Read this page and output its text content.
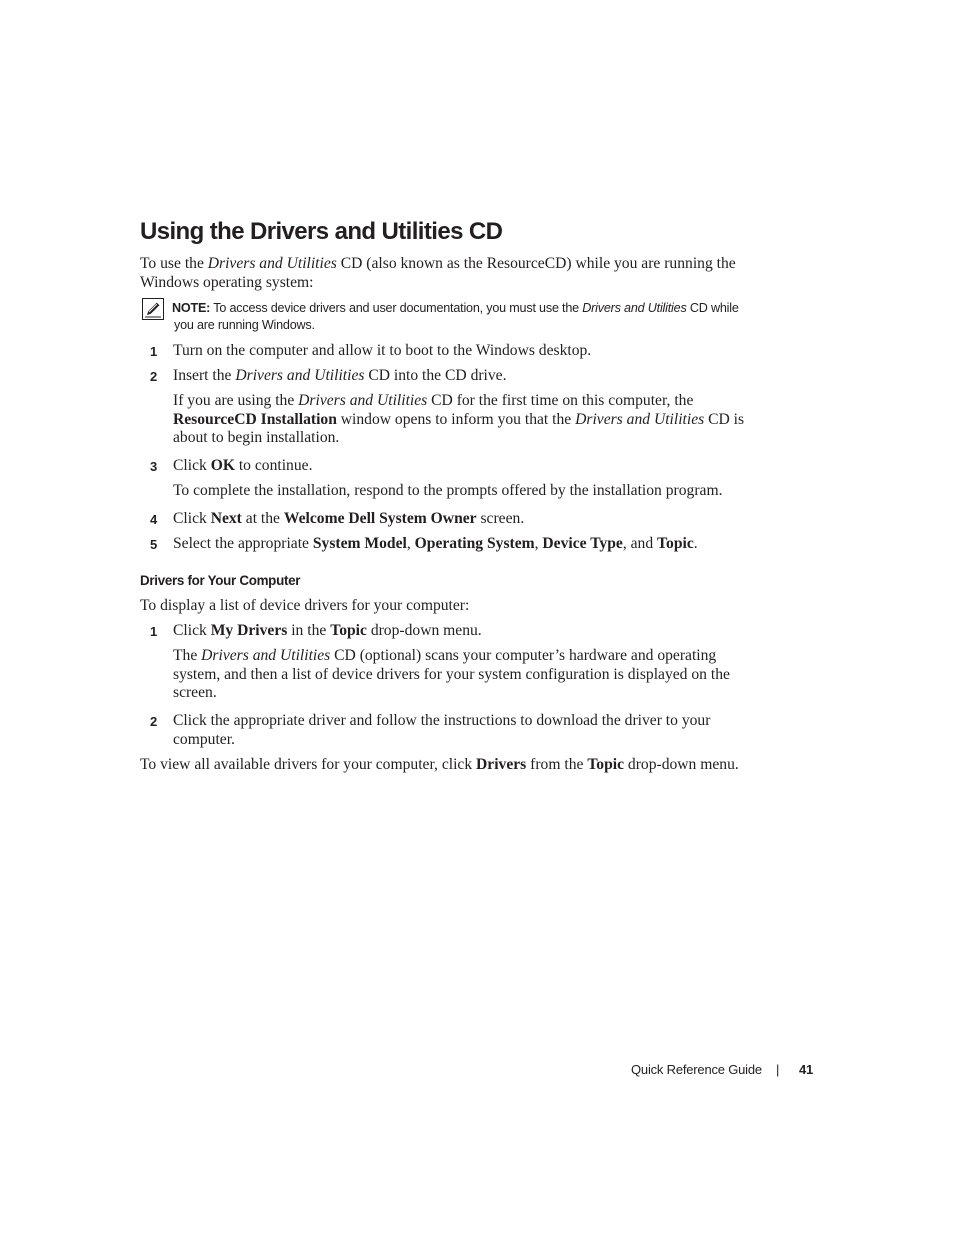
Using the Drivers and Utilities CD
To use the Drivers and Utilities CD (also known as the ResourceCD) while you are running the
Windows operating system:
NOTE: To access device drivers and user documentation, you must use the Drivers and Utilities CD while
you are running Windows.
1 Turn on the computer and allow it to boot to the Windows desktop.
2 Insert the Drivers and Utilities CD into the CD drive.
If you are using the Drivers and Utilities CD for the first time on this computer, the
ResourceCD Installation window opens to inform you that the Drivers and Utilities CD is
about to begin installation.
3 Click OK to continue.
To complete the installation, respond to the prompts offered by the installation program.
4 Click Next at the Welcome Dell System Owner screen.
5 Select the appropriate System Model, Operating System, Device Type, and Topic.
Drivers for Your Computer
To display a list of device drivers for your computer:
1 Click My Drivers in the Topic drop-down menu.
The Drivers and Utilities CD (optional) scans your computer’s hardware and operating
system, and then a list of device drivers for your system configuration is displayed on the
screen.
2 Click the appropriate driver and follow the instructions to download the driver to your
computer.
To view all available drivers for your computer, click Drivers from the Topic drop-down menu.
Quick Reference Guide | 41
